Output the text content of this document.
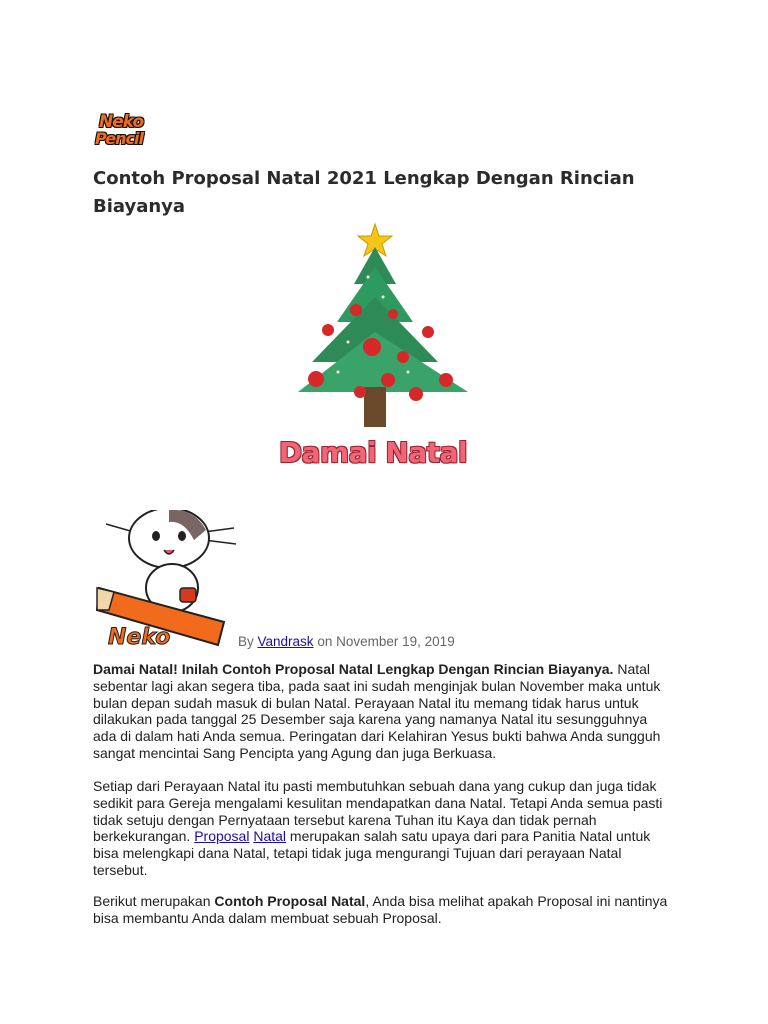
Neko
Pencil
Contoh Proposal Natal 2021 Lengkap Dengan Rincian Biayanya
Damai Natal
Neko	By Vandrask on November 19, 2019

Damai Natal! Inilah Contoh Proposal Natal Lengkap Dengan Rincian Biayanya. Natal sebentar lagi akan segera tiba, pada saat ini sudah menginjak bulan November maka untuk bulan depan sudah masuk di bulan Natal. Perayaan Natal itu memang tidak harus untuk dilakukan pada tanggal 25 Desember saja karena yang namanya Natal itu sesungguhnya ada di dalam hati Anda semua. Peringatan dari Kelahiran Yesus bukti bahwa Anda sungguh sangat mencintai Sang Pencipta yang Agung dan juga Berkuasa.

Setiap dari Perayaan Natal itu pasti membutuhkan sebuah dana yang cukup dan juga tidak sedikit para Gereja mengalami kesulitan mendapatkan dana Natal. Tetapi Anda semua pasti tidak setuju dengan Pernyataan tersebut karena Tuhan itu Kaya dan tidak pernah berkekurangan. Proposal Natal merupakan salah satu upaya dari para Panitia Natal untuk bisa melengkapi dana Natal, tetapi tidak juga mengurangi Tujuan dari perayaan Natal tersebut.

Berikut merupakan Contoh Proposal Natal, Anda bisa melihat apakah Proposal ini nantinya bisa membantu Anda dalam membuat sebuah Proposal.
